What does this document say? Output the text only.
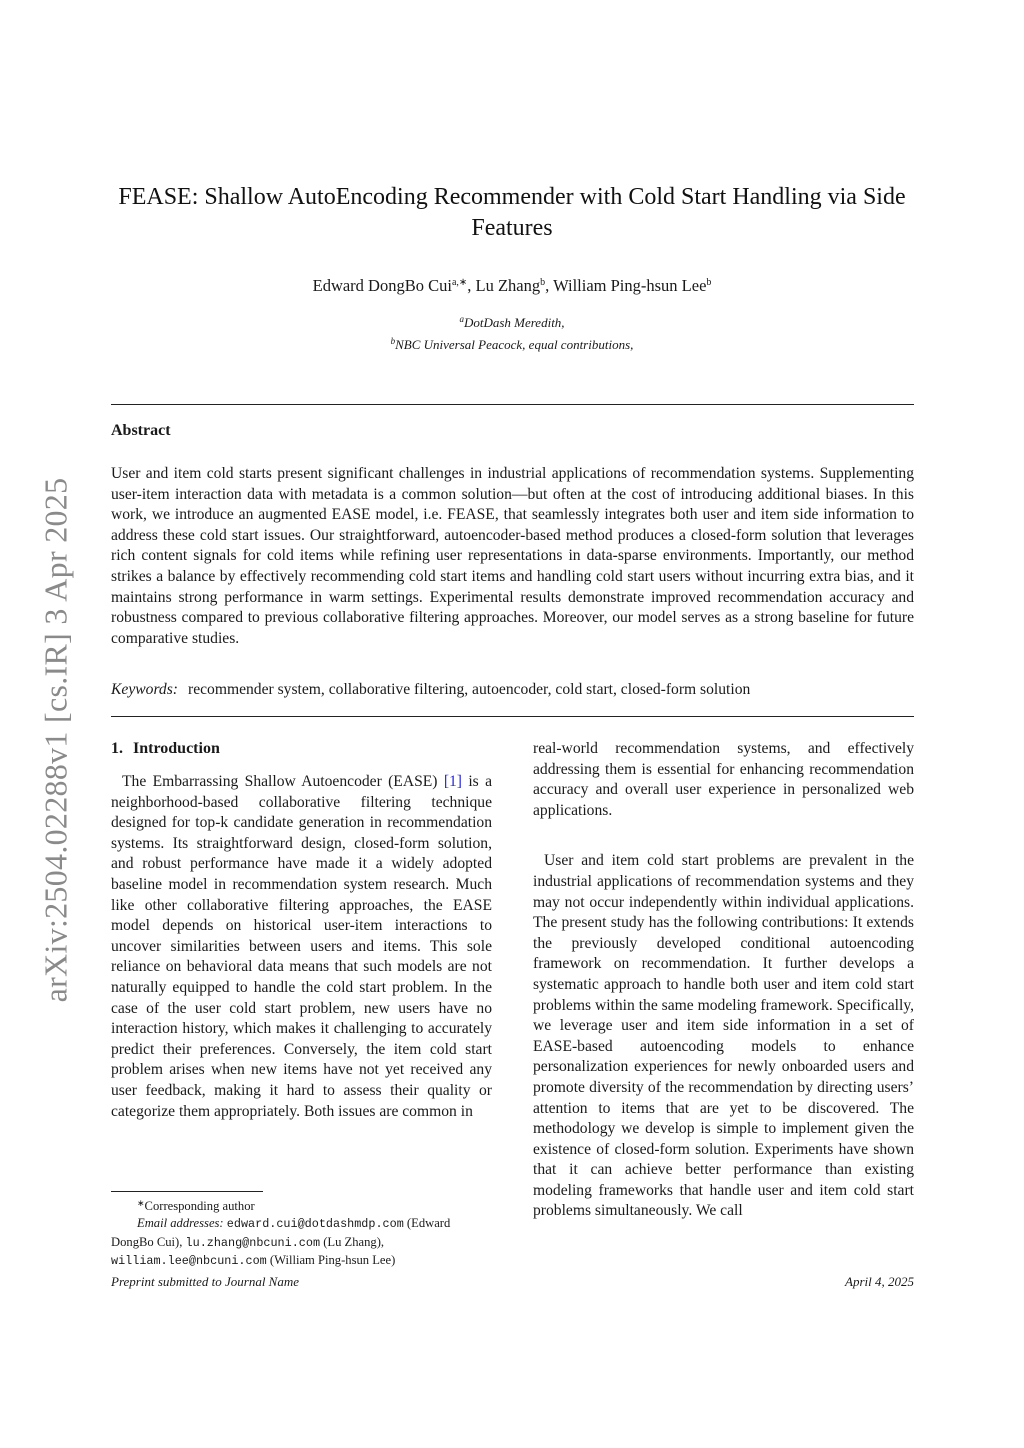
arXiv:2504.02288v1 [cs.IR] 3 Apr 2025
FEASE: Shallow AutoEncoding Recommender with Cold Start Handling via Side Features
Edward DongBo Cui$^{a,∗}$, Lu Zhang$^b$, William Ping-hsun Lee$^b$
$^a$DotDash Meredith,
$^b$NBC Universal Peacock, equal contributions,
Abstract
User and item cold starts present significant challenges in industrial applications of recommendation systems. Supplementing user-item interaction data with metadata is a common solution—but often at the cost of introducing additional biases. In this work, we introduce an augmented EASE model, i.e. FEASE, that seamlessly integrates both user and item side information to address these cold start issues. Our straightforward, autoencoder-based method produces a closed-form solution that leverages rich content signals for cold items while refining user representations in data-sparse environments. Importantly, our method strikes a balance by effectively recommending cold start items and handling cold start users without incurring extra bias, and it maintains strong performance in warm settings. Experimental results demonstrate improved recommendation accuracy and robustness compared to previous collaborative filtering approaches. Moreover, our model serves as a strong baseline for future comparative studies.
Keywords: recommender system, collaborative filtering, autoencoder, cold start, closed-form solution
1. Introduction

The Embarrassing Shallow Autoencoder (EASE) [1] is a neighborhood-based collaborative filtering technique designed for top-k candidate generation in recommendation systems. Its straightforward design, closed-form solution, and robust performance have made it a widely adopted baseline model in recommendation system research. Much like other collaborative filtering approaches, the EASE model depends on historical user-item interactions to uncover similarities between users and items. This sole reliance on behavioral data means that such models are not naturally equipped to handle the cold start problem. In the case of the user cold start problem, new users have no interaction history, which makes it challenging to accurately predict their preferences. Conversely, the item cold start problem arises when new items have not yet received any user feedback, making it hard to assess their quality or categorize them appropriately. Both issues are common in

real-world recommendation systems, and effectively addressing them is essential for enhancing recommendation accuracy and overall user experience in personalized web applications.

User and item cold start problems are prevalent in the industrial applications of recommendation systems and they may not occur independently within individual applications. The present study has the following contributions: It extends the previously developed conditional autoencoding framework on recommendation. It further develops a systematic approach to handle both user and item cold start problems within the same modeling framework. Specifically, we leverage user and item side information in a set of EASE-based autoencoding models to enhance personalization experiences for newly onboarded users and promote diversity of the recommendation by directing users’ attention to items that are yet to be discovered. The methodology we develop is simple to implement given the existence of closed-form solution. Experiments have shown that it can achieve better performance than existing modeling frameworks that handle user and item cold start problems simultaneously. We call

∗Corresponding author
Email addresses: edward.cui@dotdashmdp.com (Edward DongBo Cui), lu.zhang@nbcuni.com (Lu Zhang), william.lee@nbcuni.com (William Ping-hsun Lee)
Preprint submitted to Journal Name	April 4, 2025
